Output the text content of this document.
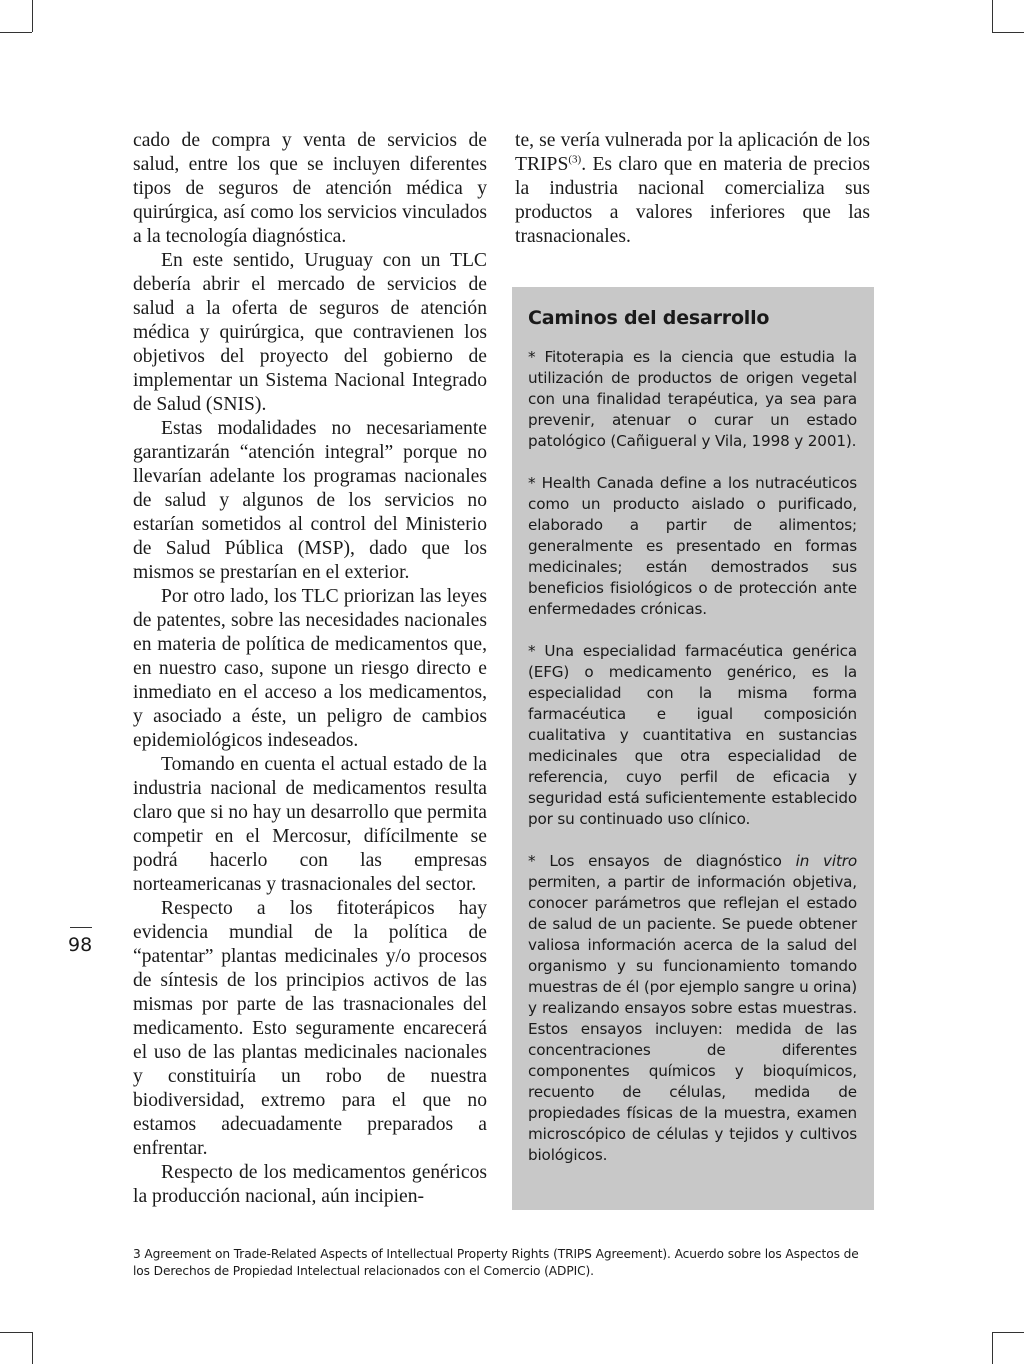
cado de compra y venta de servicios de salud, entre los que se incluyen diferentes tipos de seguros de atención médica y quirúrgica, así como los servicios vinculados a la tecnología diagnóstica.

En este sentido, Uruguay con un TLC debería abrir el mercado de servicios de salud a la oferta de seguros de atención médica y quirúrgica, que contravienen los objetivos del proyecto del gobierno de implementar un Sistema Nacional Integrado de Salud (SNIS).

Estas modalidades no necesariamente garantizarán “atención integral” porque no llevarían adelante los programas nacionales de salud y algunos de los servicios no estarían sometidos al control del Ministerio de Salud Pública (MSP), dado que los mismos se prestarían en el exterior.

Por otro lado, los TLC priorizan las leyes de patentes, sobre las necesidades nacionales en materia de política de medicamentos que, en nuestro caso, supone un riesgo directo e inmediato en el acceso a los medicamentos, y asociado a éste, un peligro de cambios epidemiológicos indeseados.

Tomando en cuenta el actual estado de la industria nacional de medicamentos resulta claro que si no hay un desarrollo que permita competir en el Mercosur, difícilmente se podrá hacerlo con las empresas norteamericanas y trasnacionales del sector.

Respecto a los fitoterápicos hay evidencia mundial de la política de “patentar” plantas medicinales y/o procesos de síntesis de los principios activos de las mismas por parte de las trasnacionales del medicamento. Esto seguramente encarecerá el uso de las plantas medicinales nacionales y constituiría un robo de nuestra biodiversidad, extremo para el que no estamos adecuadamente preparados a enfrentar.

Respecto de los medicamentos genéricos la producción nacional, aún incipien-

te, se vería vulnerada por la aplicación de los TRIPS$^{(3)}$. Es claro que en materia de precios la industria nacional comercializa sus productos a valores inferiores que las trasnacionales.

Caminos del desarrollo

* Fitoterapia es la ciencia que estudia la utilización de productos de origen vegetal con una finalidad terapéutica, ya sea para prevenir, atenuar o curar un estado patológico (Cañigueral y Vila, 1998 y 2001).

* Health Canada define a los nutracéuticos como un producto aislado o purificado, elaborado a partir de alimentos; generalmente es presentado en formas medicinales; están demostrados sus beneficios fisiológicos o de protección ante enfermedades crónicas.

* Una especialidad farmacéutica genérica (EFG) o medicamento genérico, es la especialidad con la misma forma farmacéutica e igual composición cualitativa y cuantitativa en sustancias medicinales que otra especialidad de referencia, cuyo perfil de eficacia y seguridad está suficientemente establecido por su continuado uso clínico.

* Los ensayos de diagnóstico in vitro permiten, a partir de información objetiva, conocer parámetros que reflejan el estado de salud de un paciente. Se puede obtener valiosa información acerca de la salud del organismo y su funcionamiento tomando muestras de él (por ejemplo sangre u orina) y realizando ensayos sobre estas muestras. Estos ensayos incluyen: medida de las concentraciones de diferentes componentes químicos y bioquímicos, recuento de células, medida de propiedades físicas de la muestra, examen microscópico de células y tejidos y cultivos biológicos.

98
3 Agreement on Trade-Related Aspects of Intellectual Property Rights (TRIPS Agreement). Acuerdo sobre los Aspectos de los Derechos de Propiedad Intelectual relacionados con el Comercio (ADPIC).
